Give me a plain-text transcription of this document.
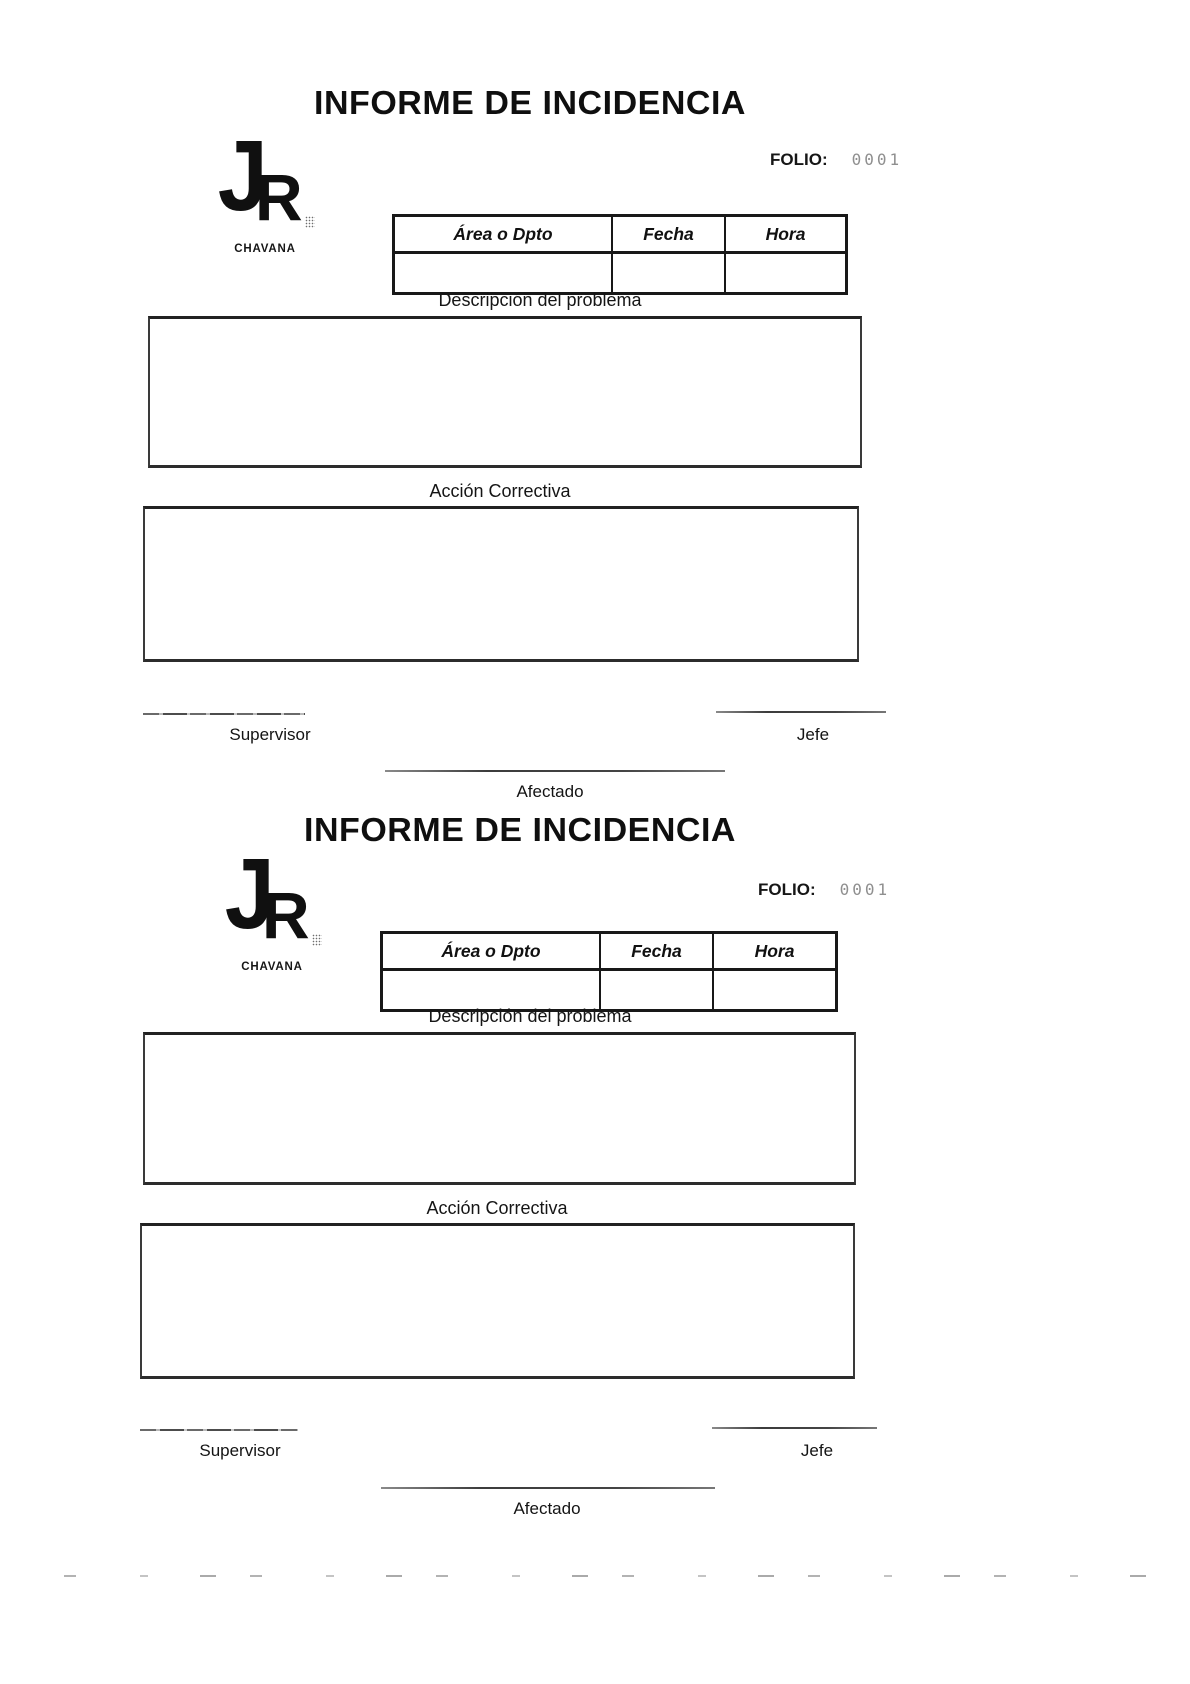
INFORME DE INCIDENCIA
J
R
CHAVANA
FOLIO: 0001
Área o Dpto	Fecha	Hora
Descripción del problema
Acción Correctiva
Supervisor	Jefe
Afectado
INFORME DE INCIDENCIA
J
R
CHAVANA
FOLIO: 0001
Área o Dpto	Fecha	Hora
Descripción del problema
Acción Correctiva
Supervisor	Jefe
Afectado
